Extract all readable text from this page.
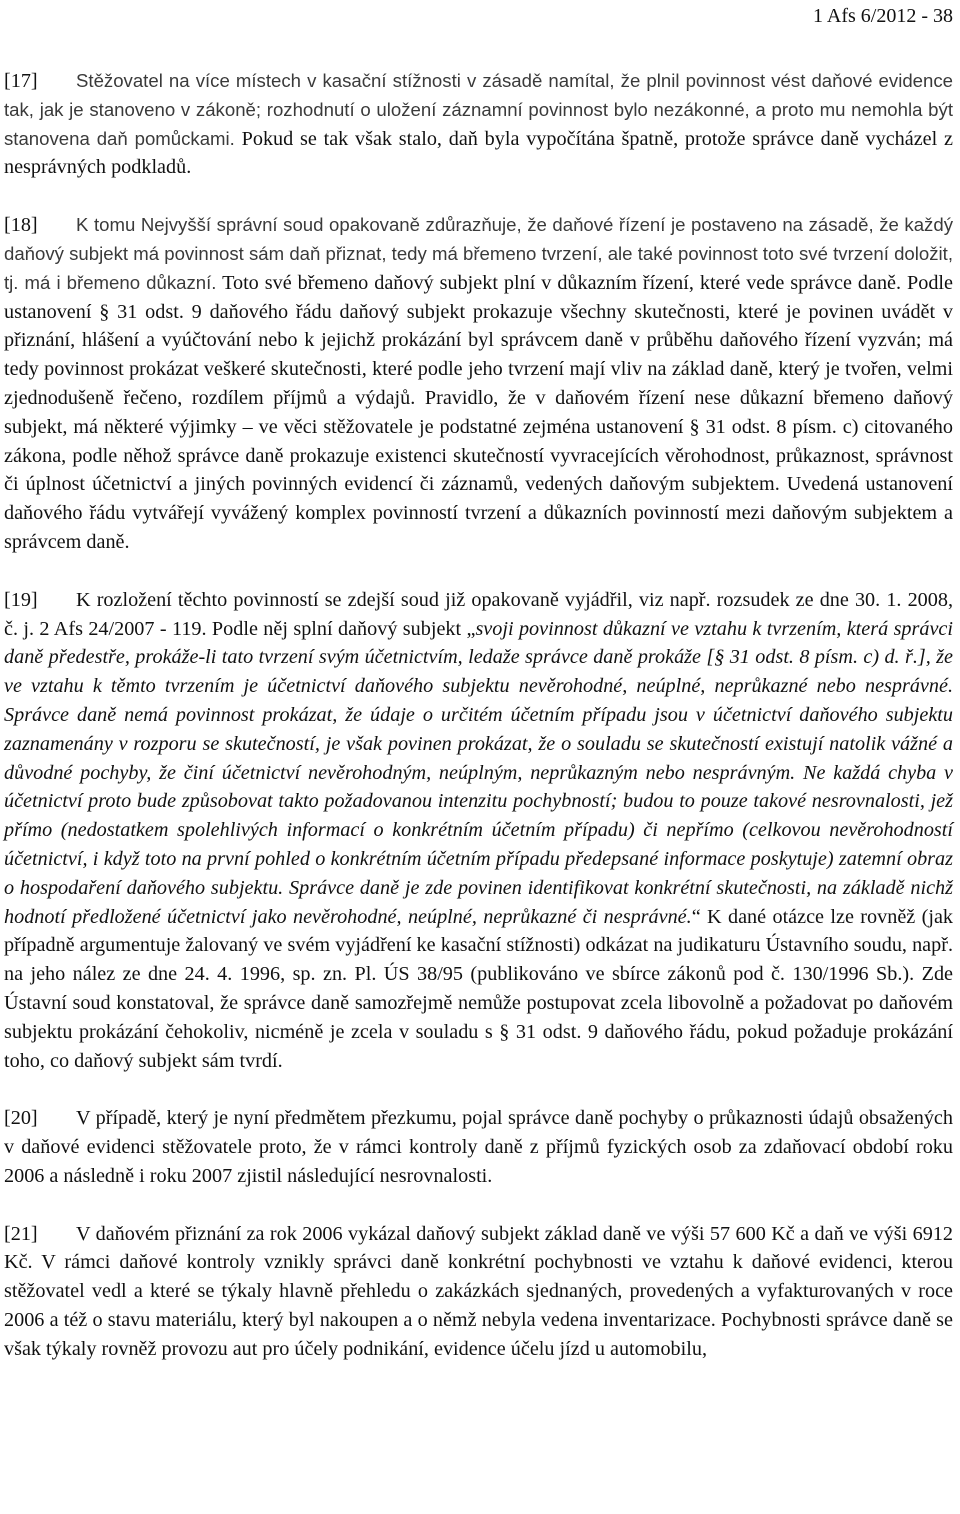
1 Afs 6/2012 - 38

[17] Stěžovatel na více místech v kasační stížnosti v zásadě namítal, že plnil povinnost vést daňové evidence tak, jak je stanoveno v zákoně; rozhodnutí o uložení záznamní povinnost bylo nezákonné, a proto mu nemohla být stanovena daň pomůckami. Pokud se tak však stalo, daň byla vypočítána špatně, protože správce daně vycházel z nesprávných podkladů.

[18] K tomu Nejvyšší správní soud opakovaně zdůrazňuje, že daňové řízení je postaveno na zásadě, že každý daňový subjekt má povinnost sám daň přiznat, tedy má břemeno tvrzení, ale také povinnost toto své tvrzení doložit, tj. má i břemeno důkazní. Toto své břemeno daňový subjekt plní v důkazním řízení, které vede správce daně. Podle ustanovení § 31 odst. 9 daňového řádu daňový subjekt prokazuje všechny skutečnosti, které je povinen uvádět v přiznání, hlášení a vyúčtování nebo k jejichž prokázání byl správcem daně v průběhu daňového řízení vyzván; má tedy povinnost prokázat veškeré skutečnosti, které podle jeho tvrzení mají vliv na základ daně, který je tvořen, velmi zjednodušeně řečeno, rozdílem příjmů a výdajů. Pravidlo, že v daňovém řízení nese důkazní břemeno daňový subjekt, má některé výjimky – ve věci stěžovatele je podstatné zejména ustanovení § 31 odst. 8 písm. c) citovaného zákona, podle něhož správce daně prokazuje existenci skutečností vyvracejících věrohodnost, průkaznost, správnost či úplnost účetnictví a jiných povinných evidencí či záznamů, vedených daňovým subjektem. Uvedená ustanovení daňového řádu vytvářejí vyvážený komplex povinností tvrzení a důkazních povinností mezi daňovým subjektem a správcem daně.

[19] K rozložení těchto povinností se zdejší soud již opakovaně vyjádřil, viz např. rozsudek ze dne 30. 1. 2008, č. j. 2 Afs 24/2007 - 119. Podle něj splní daňový subjekt „svoji povinnost důkazní ve vztahu k tvrzením, která správci daně předestře, prokáže-li tato tvrzení svým účetnictvím, ledaže správce daně prokáže [§ 31 odst. 8 písm. c) d. ř.], že ve vztahu k těmto tvrzením je účetnictví daňového subjektu nevěrohodné, neúplné, neprůkazné nebo nesprávné. Správce daně nemá povinnost prokázat, že údaje o určitém účetním případu jsou v účetnictví daňového subjektu zaznamenány v rozporu se skutečností, je však povinen prokázat, že o souladu se skutečností existují natolik vážné a důvodné pochyby, že činí účetnictví nevěrohodným, neúplným, neprůkazným nebo nesprávným. Ne každá chyba v účetnictví proto bude způsobovat takto požadovanou intenzitu pochybností; budou to pouze takové nesrovnalosti, jež přímo (nedostatkem spolehlivých informací o konkrétním účetním případu) či nepřímo (celkovou nevěrohodností účetnictví, i když toto na první pohled o konkrétním účetním případu předepsané informace poskytuje) zatemní obraz o hospodaření daňového subjektu. Správce daně je zde povinen identifikovat konkrétní skutečnosti, na základě nichž hodnotí předložené účetnictví jako nevěrohodné, neúplné, neprůkazné či nesprávné.“ K dané otázce lze rovněž (jak případně argumentuje žalovaný ve svém vyjádření ke kasační stížnosti) odkázat na judikaturu Ústavního soudu, např. na jeho nález ze dne 24. 4. 1996, sp. zn. Pl. ÚS 38/95 (publikováno ve sbírce zákonů pod č. 130/1996 Sb.). Zde Ústavní soud konstatoval, že správce daně samozřejmě nemůže postupovat zcela libovolně a požadovat po daňovém subjektu prokázání čehokoliv, nicméně je zcela v souladu s § 31 odst. 9 daňového řádu, pokud požaduje prokázání toho, co daňový subjekt sám tvrdí.

[20] V případě, který je nyní předmětem přezkumu, pojal správce daně pochyby o průkaznosti údajů obsažených v daňové evidenci stěžovatele proto, že v rámci kontroly daně z příjmů fyzických osob za zdaňovací období roku 2006 a následně i roku 2007 zjistil následující nesrovnalosti.

[21] V daňovém přiznání za rok 2006 vykázal daňový subjekt základ daně ve výši 57 600 Kč a daň ve výši 6912 Kč. V rámci daňové kontroly vznikly správci daně konkrétní pochybnosti ve vztahu k daňové evidenci, kterou stěžovatel vedl a které se týkaly hlavně přehledu o zakázkách sjednaných, provedených a vyfakturovaných v roce 2006 a též o stavu materiálu, který byl nakoupen a o němž nebyla vedena inventarizace. Pochybnosti správce daně se však týkaly rovněž provozu aut pro účely podnikání, evidence účelu jízd u automobilu,
